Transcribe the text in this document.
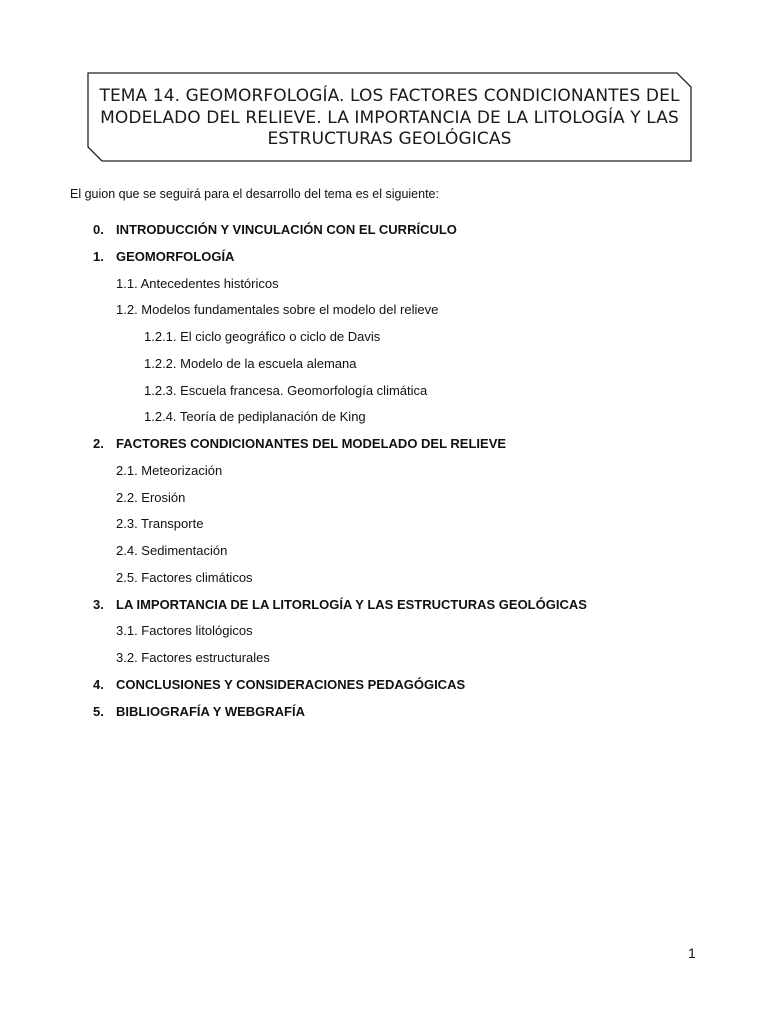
TEMA 14. GEOMORFOLOGÍA. LOS FACTORES CONDICIONANTES DEL
MODELADO DEL RELIEVE. LA IMPORTANCIA DE LA LITOLOGÍA Y LAS
ESTRUCTURAS GEOLÓGICAS
El guion que se seguirá para el desarrollo del tema es el siguiente:
0. INTRODUCCIÓN Y VINCULACIÓN CON EL CURRÍCULO
1. GEOMORFOLOGÍA
1.1. Antecedentes históricos
1.2. Modelos fundamentales sobre el modelo del relieve
1.2.1. El ciclo geográfico o ciclo de Davis
1.2.2. Modelo de la escuela alemana
1.2.3. Escuela francesa. Geomorfología climática
1.2.4. Teoría de pediplanación de King
2. FACTORES CONDICIONANTES DEL MODELADO DEL RELIEVE
2.1. Meteorización
2.2. Erosión
2.3. Transporte
2.4. Sedimentación
2.5. Factores climáticos
3. LA IMPORTANCIA DE LA LITORLOGÍA Y LAS ESTRUCTURAS GEOLÓGICAS
3.1. Factores litológicos
3.2. Factores estructurales
4. CONCLUSIONES Y CONSIDERACIONES PEDAGÓGICAS
5. BIBLIOGRAFÍA Y WEBGRAFÍA
1
